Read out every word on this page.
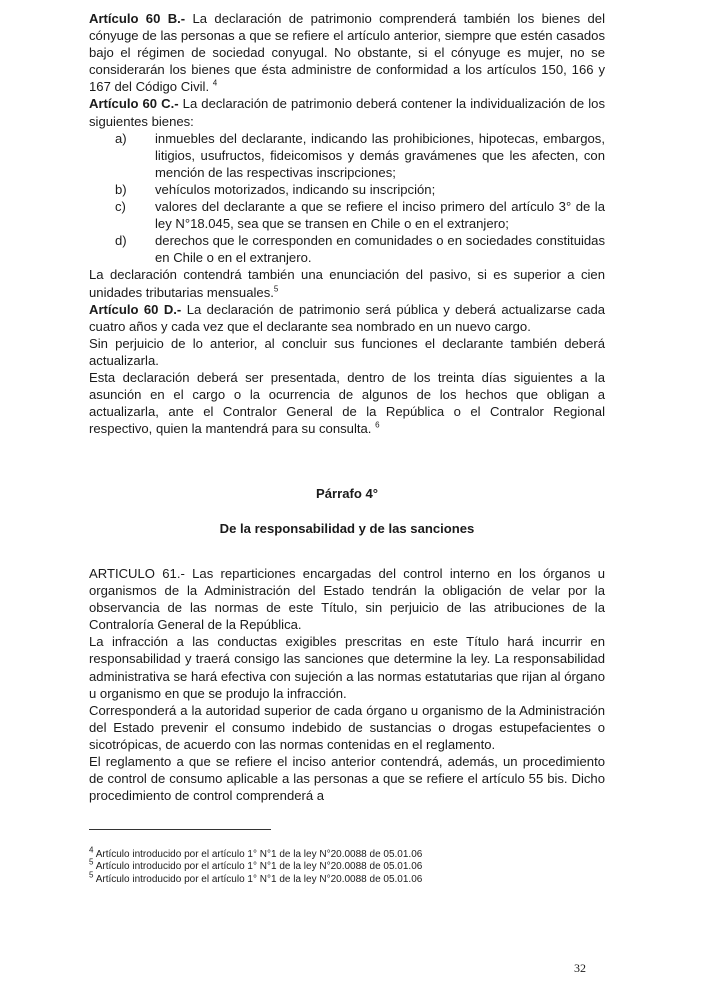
Artículo 60 B.- La declaración de patrimonio comprenderá también los bienes del cónyuge de las personas a que se refiere el artículo anterior, siempre que estén casados bajo el régimen de sociedad conyugal. No obstante, si el cónyuge es mujer, no se considerarán los bienes que ésta administre de conformidad a los artículos 150, 166 y 167 del Código Civil. $^4$

Artículo 60 C.- La declaración de patrimonio deberá contener la individualización de los siguientes bienes:

a)	inmuebles del declarante, indicando las prohibiciones, hipotecas, embargos, litigios, usufructos, fideicomisos y demás gravámenes que les afecten, con mención de las respectivas inscripciones;
b)	vehículos motorizados, indicando su inscripción;
c)	valores del declarante a que se refiere el inciso primero del artículo 3° de la ley N°18.045, sea que se transen en Chile o en el extranjero;
d)	derechos que le corresponden en comunidades o en sociedades constituidas en Chile o en el extranjero.

La declaración contendrá también una enunciación del pasivo, si es superior a cien unidades tributarias mensuales.$^5$

Artículo 60 D.- La declaración de patrimonio será pública y deberá actualizarse cada cuatro años y cada vez que el declarante sea nombrado en un nuevo cargo.

Sin perjuicio de lo anterior, al concluir sus funciones el declarante también deberá actualizarla.

Esta declaración deberá ser presentada, dentro de los treinta días siguientes a la asunción en el cargo o la ocurrencia de algunos de los hechos que obligan a actualizarla, ante el Contralor General de la República o el Contralor Regional respectivo, quien la mantendrá para su consulta. $^6$

Párrafo 4°
De la responsabilidad y de las sanciones

ARTICULO 61.- Las reparticiones encargadas del control interno en los órganos u organismos de la Administración del Estado tendrán la obligación de velar por la observancia de las normas de este Título, sin perjuicio de las atribuciones de la Contraloría General de la República.

La infracción a las conductas exigibles prescritas en este Título hará incurrir en responsabilidad y traerá consigo las sanciones que determine la ley. La responsabilidad administrativa se hará efectiva con sujeción a las normas estatutarias que rijan al órgano u organismo en que se produjo la infracción.

Corresponderá a la autoridad superior de cada órgano u organismo de la Administración del Estado prevenir el consumo indebido de sustancias o drogas estupefacientes o sicotrópicas, de acuerdo con las normas contenidas en el reglamento.

El reglamento a que se refiere el inciso anterior contendrá, además, un procedimiento de control de consumo aplicable a las personas a que se refiere el artículo 55 bis. Dicho procedimiento de control comprenderá a

$^4$ Artículo introducido por el artículo 1° N°1 de la ley N°20.0088 de 05.01.06
$^5$ Artículo introducido por el artículo 1° N°1 de la ley N°20.0088 de 05.01.06
$^5$ Artículo introducido por el artículo 1° N°1 de la ley N°20.0088 de 05.01.06
32
